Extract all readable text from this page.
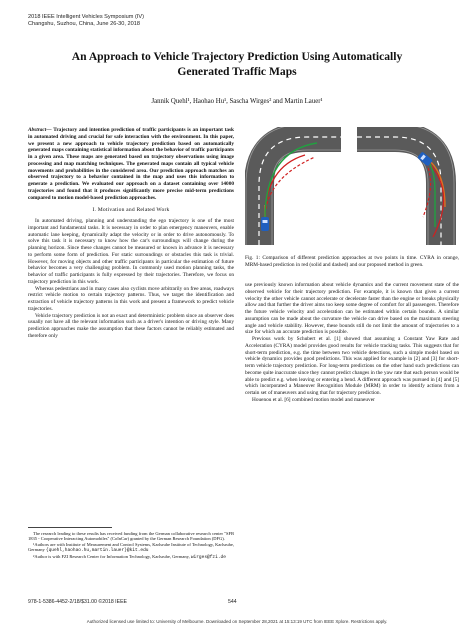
2018 IEEE Intelligent Vehicles Symposium (IV)
Changshu, Suzhou, China, June 26-30, 2018
An Approach to Vehicle Trajectory Prediction Using Automatically
Generated Traffic Maps
Jannik Quehl¹, Haohao Hu¹, Sascha Wirges² and Martin Lauer¹

Abstract— Trajectory and intention prediction of traffic participants is an important task in automated driving and crucial for safe interaction with the environment. In this paper, we present a new approach to vehicle trajectory prediction based on automatically generated maps containing statistical information about the behavior of traffic participants in a given area. These maps are generated based on trajectory observations using image processing and map matching techniques. The generated maps contain all typical vehicle movements and probabilities in the considered area. Our prediction approach matches an observed trajectory to a behavior contained in the map and uses this information to generate a prediction. We evaluated our approach on a dataset containing over 14000 trajectories and found that it produces significantly more precise mid-term predictions compared to motion model-based prediction approaches.

I. Motivation and Related Work

In automated driving, planning and understanding the ego trajectory is one of the most important and fundamental tasks. It is necessary in order to plan emergency maneuvers, enable automatic lane keeping, dynamically adapt the velocity or in order to drive autonomously. To solve this task it is necessary to know how the car's surroundings will change during the planning horizon. Since these changes cannot be measured or known in advance it is necessary to perform some form of prediction. For static surroundings or obstacles this task is trivial. However, for moving objects and other traffic participants in particular the estimation of future behavior becomes a very challenging problem. In commonly used motion planning tasks, the behavior of traffic participants is fully expressed by their trajectories. Therefore, we focus on trajectory prediction in this work.

Whereas pedestrians and in many cases also cyclists move arbitrarily on free areas, roadways restrict vehicle motion to certain trajectory patterns. Thus, we target the identification and extraction of vehicle trajectory patterns in this work and present a framework to predict vehicle trajectories.

Vehicle trajectory prediction is not an exact and deterministic problem since an observer does usually not have all the relevant information such as a driver's intention or driving style. Many prediction approaches make the assumption that these factors cannot be reliably estimated and therefore only

The research leading to these results has received funding from the German collaborative research center "SFB 1835 - Cooperative Interacting Automobiles" (CoInCar) granted by the German Research Foundation (DFG).

¹Authors are with Institute of Measurement and Control Systems, Karlsruhe Institute of Technology, Karlsruhe, Germany {quehl,haohao.hu,martin.lauer}@kit.edu

²Author is with FZI Research Center for Information Technology, Karlsruhe, Germany, wirges@fzi.de

Fig. 1: Comparison of different prediction approaches at two points in time. CYRA in orange, MRM-based prediction in red (solid and dashed) and our proposed method in green.

use previously known information about vehicle dynamics and the current movement state of the observed vehicle for their trajectory prediction. For example, it is known that given a current velocity the other vehicle cannot accelerate or decelerate faster than the engine or breaks physically allow and that further the driver aims too keep some degree of comfort for all passengers. Therefore the future vehicle velocity and acceleration can be estimated within certain bounds. A similar assumption can be made about the curvature the vehicle can drive based on the maximum steering angle and vehicle stability. However, these bounds still do not limit the amount of trajectories to a size for which an accurate prediction is possible.

Previous work by Schubert et al. [1] showed that assuming a Constant Yaw Rate and Acceleration (CYRA) model provides good results for vehicle tracking tasks. This suggests that for short-term prediction, e.g. the time between two vehicle detections, such a simple model based on vehicle dynamics provides good predictions. This was applied for example in [2] and [3] for short-term vehicle trajectory prediction. For long-term predictions on the other hand such predictions can become quite inaccurate since they cannot predict changes in the yaw rate that each person would be able to predict e.g. when leaving or entering a bend. A different approach was pursued in [4] and [5] which incorporated a Maneuver Recognition Module (MRM) in order to identify actions from a certain set of maneuvers and using that for trajectory prediction.

Houenou et al. [6] combined motion model and maneuver

978-1-5386-4452-2/18/$31.00 ©2018 IEEE	544
Authorized licensed use limited to: University of Melbourne. Downloaded on September 28,2021 at 15:13:19 UTC from IEEE Xplore. Restrictions apply.
